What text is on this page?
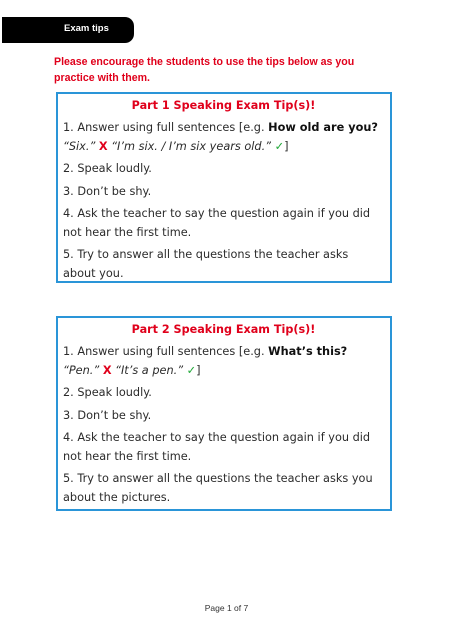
Exam tips

Please encourage the students to use the tips below as you practice with them.

Part 1 Speaking Exam Tip(s)!

1. Answer using full sentences [e.g. How old are you? “Six.” X “I’m six. / I’m six years old.” ✓]

2. Speak loudly.

3. Don’t be shy.

4. Ask the teacher to say the question again if you did not hear the first time.

5. Try to answer all the questions the teacher asks about you.

Part 2 Speaking Exam Tip(s)!

1. Answer using full sentences [e.g. What’s this? “Pen.” X “It’s a pen.” ✓]

2. Speak loudly.

3. Don’t be shy.

4. Ask the teacher to say the question again if you did not hear the first time.

5. Try to answer all the questions the teacher asks you about the pictures.

Page 1 of 7
